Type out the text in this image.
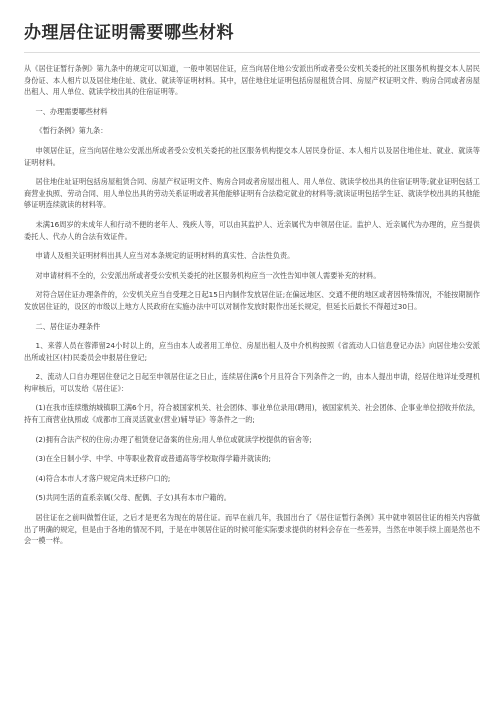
办理居住证明需要哪些材料

从《居住证暂行条例》第九条中的规定可以知道，一般申领居住证，应当向居住地公安派出所或者受公安机关委托的社区服务机构提交本人居民身份证、本人相片以及居住地住址、就业、就读等证明材料。其中，居住地住址证明包括房屋租赁合同、房屋产权证明文件、购房合同或者房屋出租人、用人单位、就读学校出具的住宿证明等。

一、办理需要哪些材料

《暂行条例》第九条：

申领居住证，应当向居住地公安派出所或者受公安机关委托的社区服务机构提交本人居民身份证、本人相片以及居住地住址、就业、就读等证明材料。

居住地住址证明包括房屋租赁合同、房屋产权证明文件、购房合同或者房屋出租人、用人单位、就读学校出具的住宿证明等;就业证明包括工商营业执照、劳动合同、用人单位出具的劳动关系证明或者其他能够证明有合法稳定就业的材料等;就读证明包括学生证、就读学校出具的其他能够证明连续就读的材料等。

未满16周岁的未成年人和行动不便的老年人、残疾人等，可以由其监护人、近亲属代为申领居住证。监护人、近亲属代为办理的，应当提供委托人、代办人的合法有效证件。

申请人及相关证明材料出具人应当对本条规定的证明材料的真实性、合法性负责。

对申请材料不全的，公安派出所或者受公安机关委托的社区服务机构应当一次性告知申领人需要补充的材料。

对符合居住证办理条件的，公安机关应当自受理之日起15日内制作发放居住证;在偏远地区、交通不便的地区或者因特殊情况，不能按期制作发放居住证的，设区的市级以上地方人民政府在实施办法中可以对制作发放时限作出延长规定，但延长后最长不得超过30日。

二、居住证办理条件

1、来蓉人员在蓉滞留24小时以上的，应当由本人或者用工单位、房屋出租人及中介机构按照《省流动人口信息登记办法》向居住地公安派出所或社区(村)民委员会申报居住登记;

2、流动人口自办理居住登记之日起至申领居住证之日止，连续居住满6个月且符合下列条件之一的，由本人提出申请，经居住地详址受理机构审核后，可以发给《居住证》：

(1)在我市连续缴纳城镇职工满6个月，符合被国家机关、社会团体、事业单位录用(聘用)，被国家机关、社会团体、企事业单位招收并依法，持有工商营业执照或《成都市工商灵活就业(营业)辅导证》等条件之一的;

(2)拥有合法产权的住房;办理了租赁登记备案的住房;用人单位或就读学校提供的宿舍等;

(3)在全日制小学、中学、中等职业教育或普通高等学校取得学籍并就读的;

(4)符合本市人才落户规定尚未迁移户口的;

(5)共同生活的直系亲属(父母、配偶、子女)具有本市户籍的。

居住证在之前叫做暂住证，之后才是更名为现在的居住证。而早在前几年，我国出台了《居住证暂行条例》其中就申领居住证的相关内容做出了明确的规定，但是由于各地的情况不同，于是在申领居住证的时候可能实际要求提供的材料会存在一些差异，当然在申领手续上面是然也不会一模一样。
